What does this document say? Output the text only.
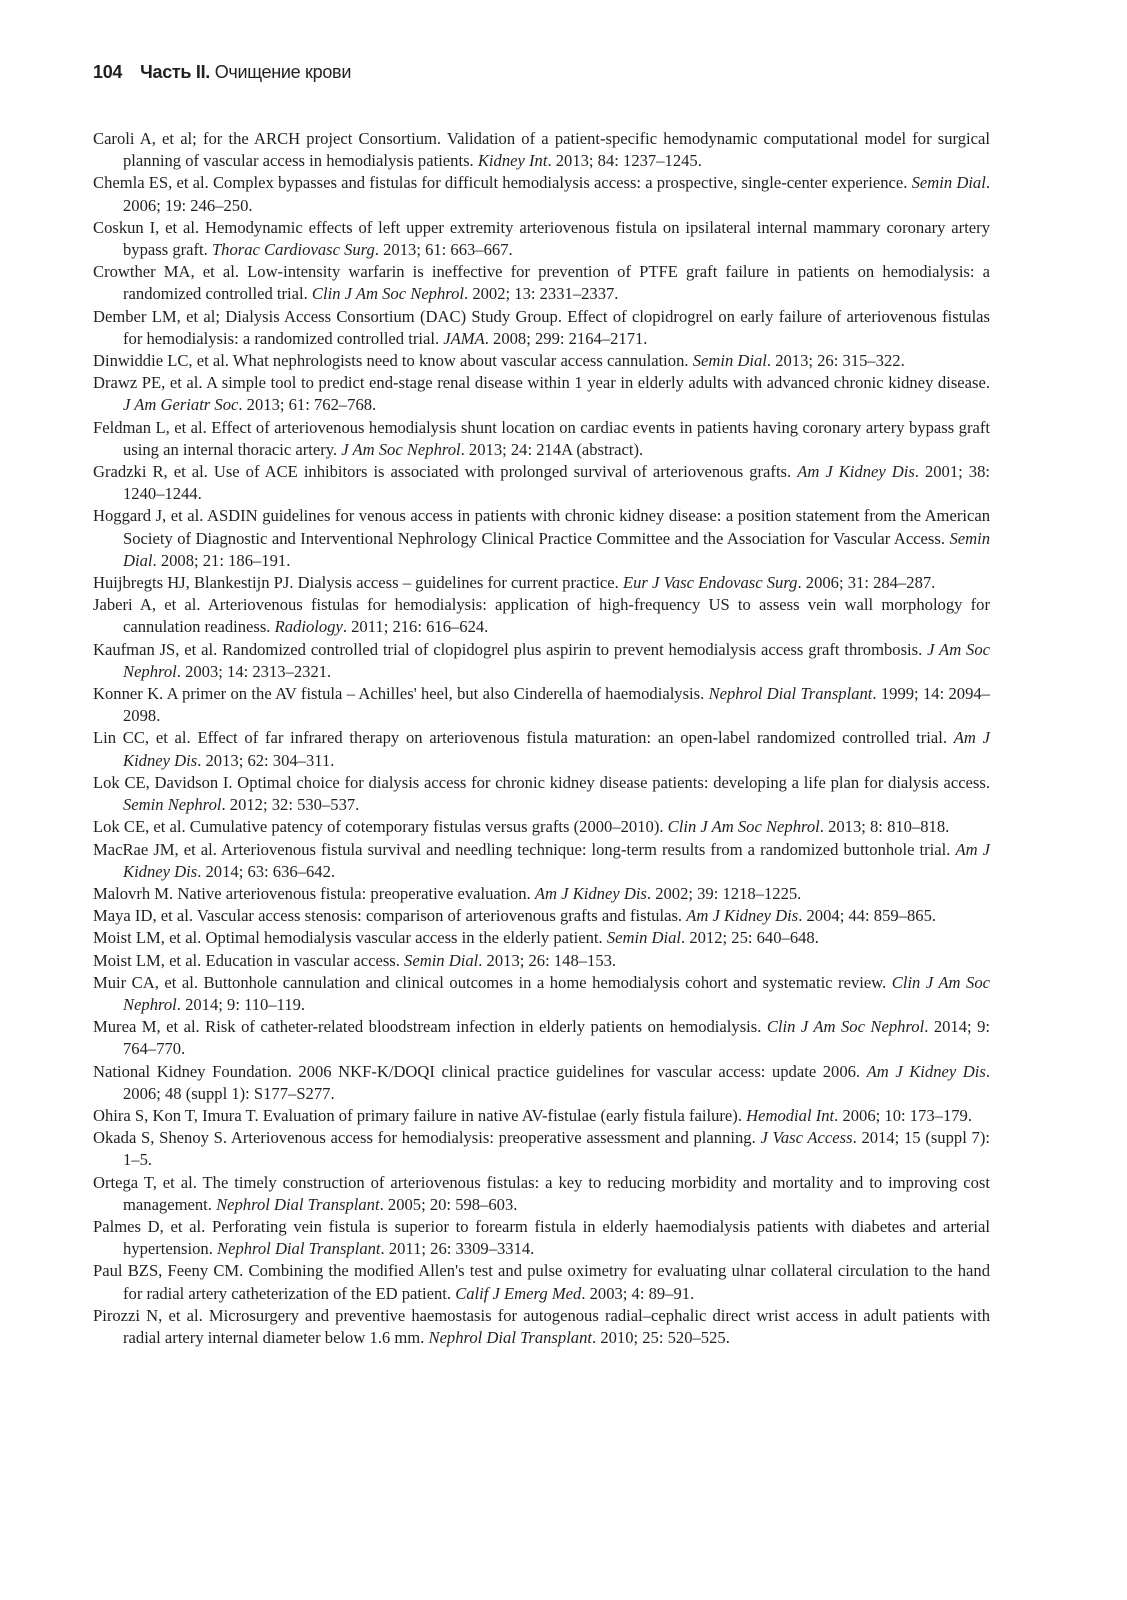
104 Часть II. Очищение крови

Caroli A, et al; for the ARCH project Consortium. Validation of a patient-specific hemodynamic computational model for surgical planning of vascular access in hemodialysis patients. Kidney Int. 2013; 84: 1237–1245.

Chemla ES, et al. Complex bypasses and fistulas for difficult hemodialysis access: a prospective, single-center experience. Semin Dial. 2006; 19: 246–250.

Coskun I, et al. Hemodynamic effects of left upper extremity arteriovenous fistula on ipsilateral internal mammary coronary artery bypass graft. Thorac Cardiovasc Surg. 2013; 61: 663–667.

Crowther MA, et al. Low-intensity warfarin is ineffective for prevention of PTFE graft failure in patients on hemodialysis: a randomized controlled trial. Clin J Am Soc Nephrol. 2002; 13: 2331–2337.

Dember LM, et al; Dialysis Access Consortium (DAC) Study Group. Effect of clopidrogrel on early failure of arteriovenous fistulas for hemodialysis: a randomized controlled trial. JAMA. 2008; 299: 2164–2171.

Dinwiddie LC, et al. What nephrologists need to know about vascular access cannulation. Semin Dial. 2013; 26: 315–322.

Drawz PE, et al. A simple tool to predict end-stage renal disease within 1 year in elderly adults with advanced chronic kidney disease. J Am Geriatr Soc. 2013; 61: 762–768.

Feldman L, et al. Effect of arteriovenous hemodialysis shunt location on cardiac events in patients having coronary artery bypass graft using an internal thoracic artery. J Am Soc Nephrol. 2013; 24: 214A (abstract).

Gradzki R, et al. Use of ACE inhibitors is associated with prolonged survival of arteriovenous grafts. Am J Kidney Dis. 2001; 38: 1240–1244.

Hoggard J, et al. ASDIN guidelines for venous access in patients with chronic kidney disease: a position statement from the American Society of Diagnostic and Interventional Nephrology Clinical Practice Committee and the Association for Vascular Access. Semin Dial. 2008; 21: 186–191.

Huijbregts HJ, Blankestijn PJ. Dialysis access – guidelines for current practice. Eur J Vasc Endovasc Surg. 2006; 31: 284–287.

Jaberi A, et al. Arteriovenous fistulas for hemodialysis: application of high-frequency US to assess vein wall morphology for cannulation readiness. Radiology. 2011; 216: 616–624.

Kaufman JS, et al. Randomized controlled trial of clopidogrel plus aspirin to prevent hemodialysis access graft thrombosis. J Am Soc Nephrol. 2003; 14: 2313–2321.

Konner K. A primer on the AV fistula – Achilles' heel, but also Cinderella of haemodialysis. Nephrol Dial Transplant. 1999; 14: 2094–2098.

Lin CC, et al. Effect of far infrared therapy on arteriovenous fistula maturation: an open-label randomized controlled trial. Am J Kidney Dis. 2013; 62: 304–311.

Lok CE, Davidson I. Optimal choice for dialysis access for chronic kidney disease patients: developing a life plan for dialysis access. Semin Nephrol. 2012; 32: 530–537.

Lok CE, et al. Cumulative patency of cotemporary fistulas versus grafts (2000–2010). Clin J Am Soc Nephrol. 2013; 8: 810–818.

MacRae JM, et al. Arteriovenous fistula survival and needling technique: long-term results from a randomized buttonhole trial. Am J Kidney Dis. 2014; 63: 636–642.

Malovrh M. Native arteriovenous fistula: preoperative evaluation. Am J Kidney Dis. 2002; 39: 1218–1225.

Maya ID, et al. Vascular access stenosis: comparison of arteriovenous grafts and fistulas. Am J Kidney Dis. 2004; 44: 859–865.

Moist LM, et al. Optimal hemodialysis vascular access in the elderly patient. Semin Dial. 2012; 25: 640–648.

Moist LM, et al. Education in vascular access. Semin Dial. 2013; 26: 148–153.

Muir CA, et al. Buttonhole cannulation and clinical outcomes in a home hemodialysis cohort and systematic review. Clin J Am Soc Nephrol. 2014; 9: 110–119.

Murea M, et al. Risk of catheter-related bloodstream infection in elderly patients on hemodialysis. Clin J Am Soc Nephrol. 2014; 9: 764–770.

National Kidney Foundation. 2006 NKF-K/DOQI clinical practice guidelines for vascular access: update 2006. Am J Kidney Dis. 2006; 48 (suppl 1): S177–S277.

Ohira S, Kon T, Imura T. Evaluation of primary failure in native AV-fistulae (early fistula failure). Hemodial Int. 2006; 10: 173–179.

Okada S, Shenoy S. Arteriovenous access for hemodialysis: preoperative assessment and planning. J Vasc Access. 2014; 15 (suppl 7): 1–5.

Ortega T, et al. The timely construction of arteriovenous fistulas: a key to reducing morbidity and mortality and to improving cost management. Nephrol Dial Transplant. 2005; 20: 598–603.

Palmes D, et al. Perforating vein fistula is superior to forearm fistula in elderly haemodialysis patients with diabetes and arterial hypertension. Nephrol Dial Transplant. 2011; 26: 3309–3314.

Paul BZS, Feeny CM. Combining the modified Allen's test and pulse oximetry for evaluating ulnar collateral circulation to the hand for radial artery catheterization of the ED patient. Calif J Emerg Med. 2003; 4: 89–91.

Pirozzi N, et al. Microsurgery and preventive haemostasis for autogenous radial–cephalic direct wrist access in adult patients with radial artery internal diameter below 1.6 mm. Nephrol Dial Transplant. 2010; 25: 520–525.
